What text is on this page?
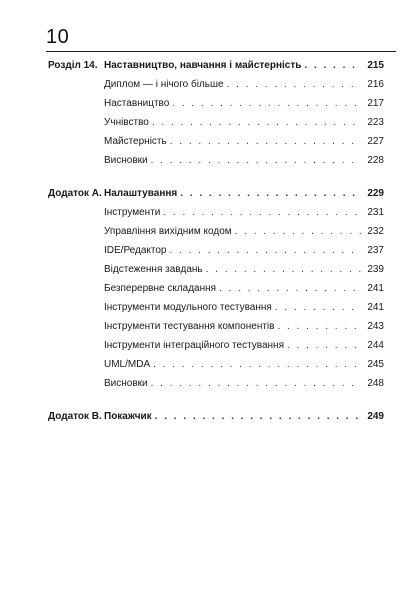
10
Розділ 14. Наставництво, навчання і майстерність . . .	215
Диплом — і нічого більше . . .	216
Наставництво . . .	217
Учнівство . . .	223
Майстерність . . .	227
Висновки . . .	228
Додаток А. Налаштування . . .	229
Інструменти . . .	231
Управління вихідним кодом . . .	232
IDE/Редактор . . .	237
Відстеження завдань . . .	239
Безперервне складання . . .	241
Інструменти модульного тестування . . .	241
Інструменти тестування компонентів . . .	243
Інструменти інтеграційного тестування . . .	244
UML/MDA . . .	245
Висновки . . .	248
Додаток В. Покажчик . . .	249
